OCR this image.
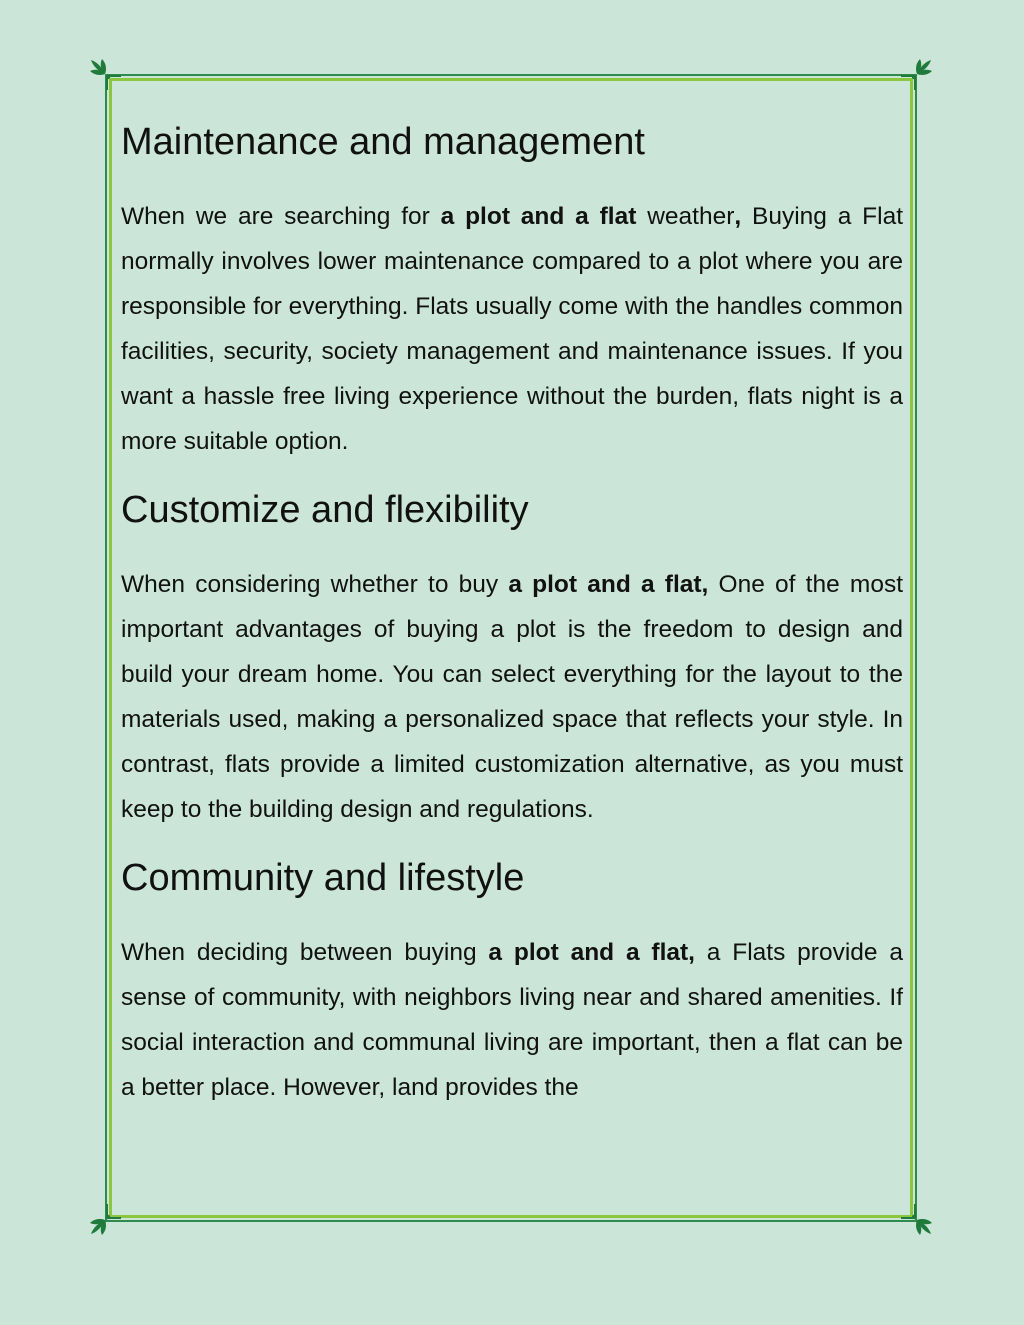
Maintenance and management

When we are searching for a plot and a flat weather, Buying a Flat normally involves lower maintenance compared to a plot where you are responsible for everything. Flats usually come with the handles common facilities, security, society management and maintenance issues. If you want a hassle free living experience without the burden, flats night is a more suitable option.

Customize and flexibility

When considering whether to buy a plot and a flat, One of the most important advantages of buying a plot is the freedom to design and build your dream home. You can select everything for the layout to the materials used, making a personalized space that reflects your style. In contrast, flats provide a limited customization alternative, as you must keep to the building design and regulations.

Community and lifestyle

When deciding between buying a plot and a flat, a Flats provide a sense of community, with neighbors living near and shared amenities. If social interaction and communal living are important, then a flat can be a better place. However, land provides the
